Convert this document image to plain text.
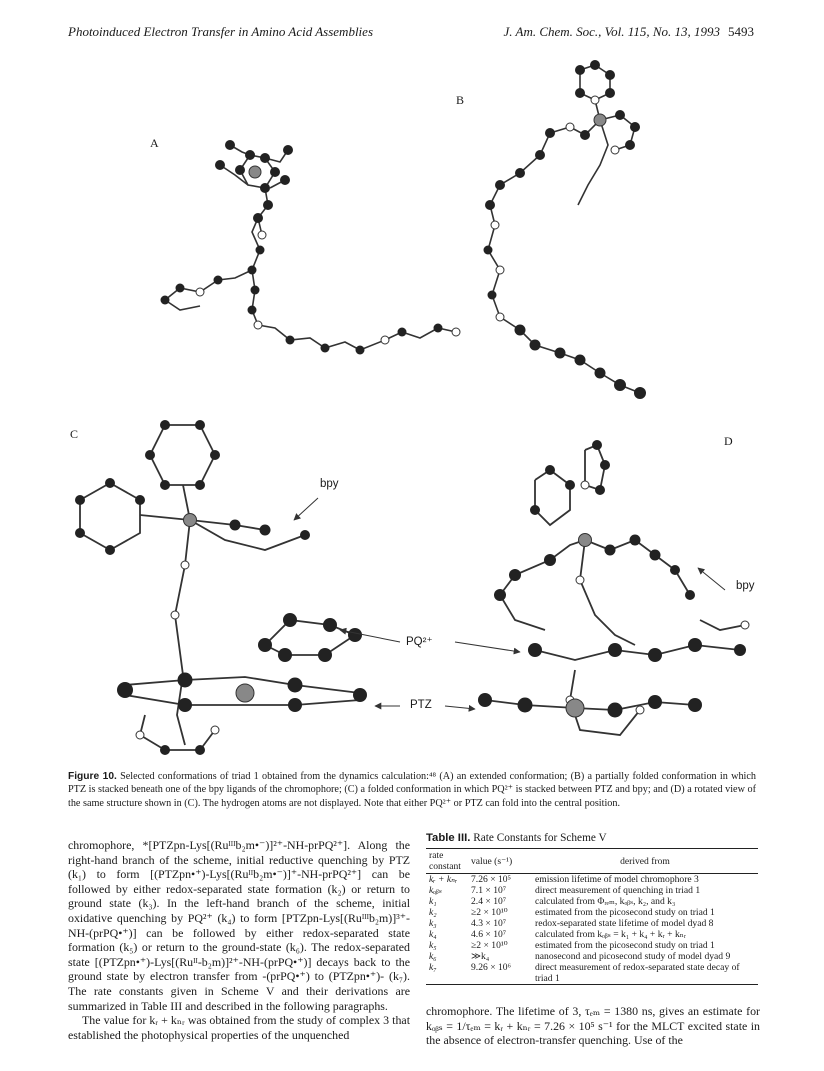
Photoinduced Electron Transfer in Amino Acid Assemblies	J. Am. Chem. Soc., Vol. 115, No. 13, 1993 5493
A
B
C	D
bpy
bpy
PQ²⁺
PTZ
Figure 10. Selected conformations of triad 1 obtained from the dynamics calculation:⁴⁸ (A) an extended conformation; (B) a partially folded conformation in which PTZ is stacked beneath one of the bpy ligands of the chromophore; (C) a folded conformation in which PQ²⁺ is stacked between PTZ and bpy; and (D) a rotated view of the same structure shown in (C). The hydrogen atoms are not displayed. Note that either PQ²⁺ or PTZ can fold into the central position.

chromophore, *[PTZpn-Lys[(Ruᴵᴵᴵb₂m•⁻)]²⁺-NH-prPQ²⁺]. Along the right-hand branch of the scheme, initial reductive quenching by PTZ (k₁) to form [(PTZpn•⁺)-Lys[(Ruᴵᴵb₂m•⁻)]⁺-NH-prPQ²⁺] can be followed by either redox-separated state formation (k₂) or return to ground state (k₃). In the left-hand branch of the scheme, initial oxidative quenching by PQ²⁺ (k₄) to form [PTZpn-Lys[(Ruᴵᴵᴵb₂m)]³⁺-NH-(prPQ•⁺)] can be followed by either redox-separated state formation (k₅) or return to the ground-state (k₆). The redox-separated state [(PTZpn•⁺)-Lys[(Ruᴵᴵ-b₂m)]²⁺-NH-(prPQ•⁺)] decays back to the ground state by electron transfer from -(prPQ•⁺) to (PTZpn•⁺)- (k₇). The rate constants given in Scheme V and their derivations are summarized in Table III and described in the following paragraphs.

The value for kᵣ + kₙᵣ was obtained from the study of complex 3 that established the photophysical properties of the unquenched

Table III. Rate Constants for Scheme V
rate constant	value (s⁻¹)	derived from
kᵣ + kₙᵣ	7.26 × 10⁵	emission lifetime of model chromophore 3
kₒᵦₛ	7.1 × 10⁷	direct measurement of quenching in triad 1
k₁	2.4 × 10⁷	calculated from Φᵣₑₘ, kₒᵦₛ, k₂, and k₃
k₂	≥2 × 10¹⁰	estimated from the picosecond study on triad 1
k₃	4.3 × 10⁷	redox-separated state lifetime of model dyad 8
k₄	4.6 × 10⁷	calculated from kₒᵦₛ = k₁ + k₄ + kᵣ + kₙᵣ
k₅	≥2 × 10¹⁰	estimated from the picosecond study on triad 1
k₆	≫k₄	nanosecond and picosecond study of model dyad 9
k₇	9.26 × 10⁶	direct measurement of redox-separated state decay of triad 1

chromophore. The lifetime of 3, τₑₘ = 1380 ns, gives an estimate for kₒᵦₛ = 1/τₑₘ = kᵣ + kₙᵣ = 7.26 × 10⁵ s⁻¹ for the MLCT excited state in the absence of electron-transfer quenching. Use of the
